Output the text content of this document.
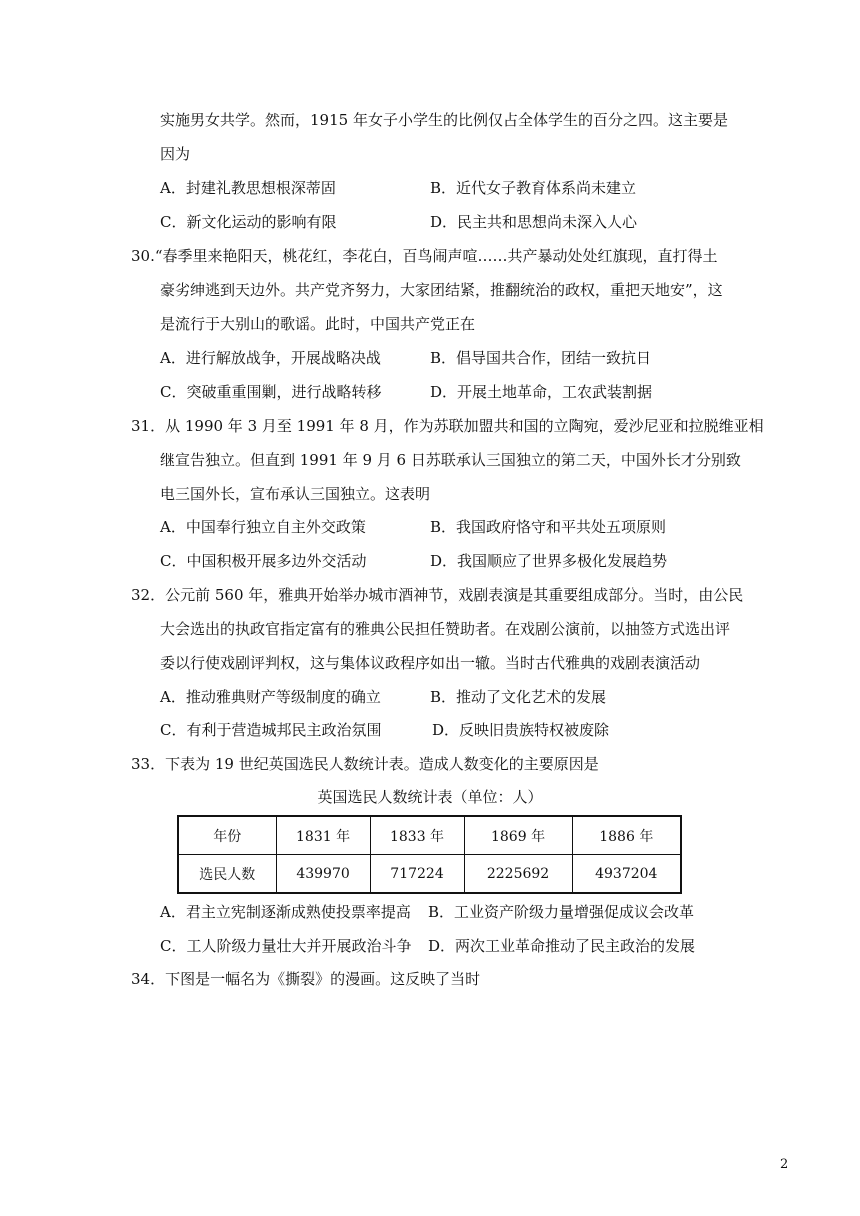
实施男女共学。然而，1915 年女子小学生的比例仅占全体学生的百分之四。这主要是
因为
A．封建礼教思想根深蒂固	B．近代女子教育体系尚未建立
C．新文化运动的影响有限	D．民主共和思想尚未深入人心
30.“春季里来艳阳天，桃花红，李花白，百鸟闹声喧……共产暴动处处红旗现，直打得土
豪劣绅逃到天边外。共产党齐努力，大家团结紧，推翻统治的政权，重把天地安”，这
是流行于大别山的歌谣。此时，中国共产党正在
A．进行解放战争，开展战略决战	B．倡导国共合作，团结一致抗日
C．突破重重围剿，进行战略转移	D．开展土地革命，工农武装割据
31．从 1990 年 3 月至 1991 年 8 月，作为苏联加盟共和国的立陶宛，爱沙尼亚和拉脱维亚相
继宣告独立。但直到 1991 年 9 月 6 日苏联承认三国独立的第二天，中国外长才分别致
电三国外长，宣布承认三国独立。这表明
A．中国奉行独立自主外交政策	B．我国政府恪守和平共处五项原则
C．中国积极开展多边外交活动	D．我国顺应了世界多极化发展趋势
32．公元前 560 年，雅典开始举办城市酒神节，戏剧表演是其重要组成部分。当时，由公民
大会选出的执政官指定富有的雅典公民担任赞助者。在戏剧公演前，以抽签方式选出评
委以行使戏剧评判权，这与集体议政程序如出一辙。当时古代雅典的戏剧表演活动
A．推动雅典财产等级制度的确立	B．推动了文化艺术的发展
C．有利于营造城邦民主政治氛围	D．反映旧贵族特权被废除
33．下表为 19 世纪英国选民人数统计表。造成人数变化的主要原因是
英国选民人数统计表（单位：人）
年份	1831 年	1833 年	1869 年	1886 年
选民人数	439970	717224	2225692	4937204
A．君主立宪制逐渐成熟使投票率提高 B．工业资产阶级力量增强促成议会改革
C．工人阶级力量壮大并开展政治斗争 D．两次工业革命推动了民主政治的发展
34．下图是一幅名为《撕裂》的漫画。这反映了当时
2
